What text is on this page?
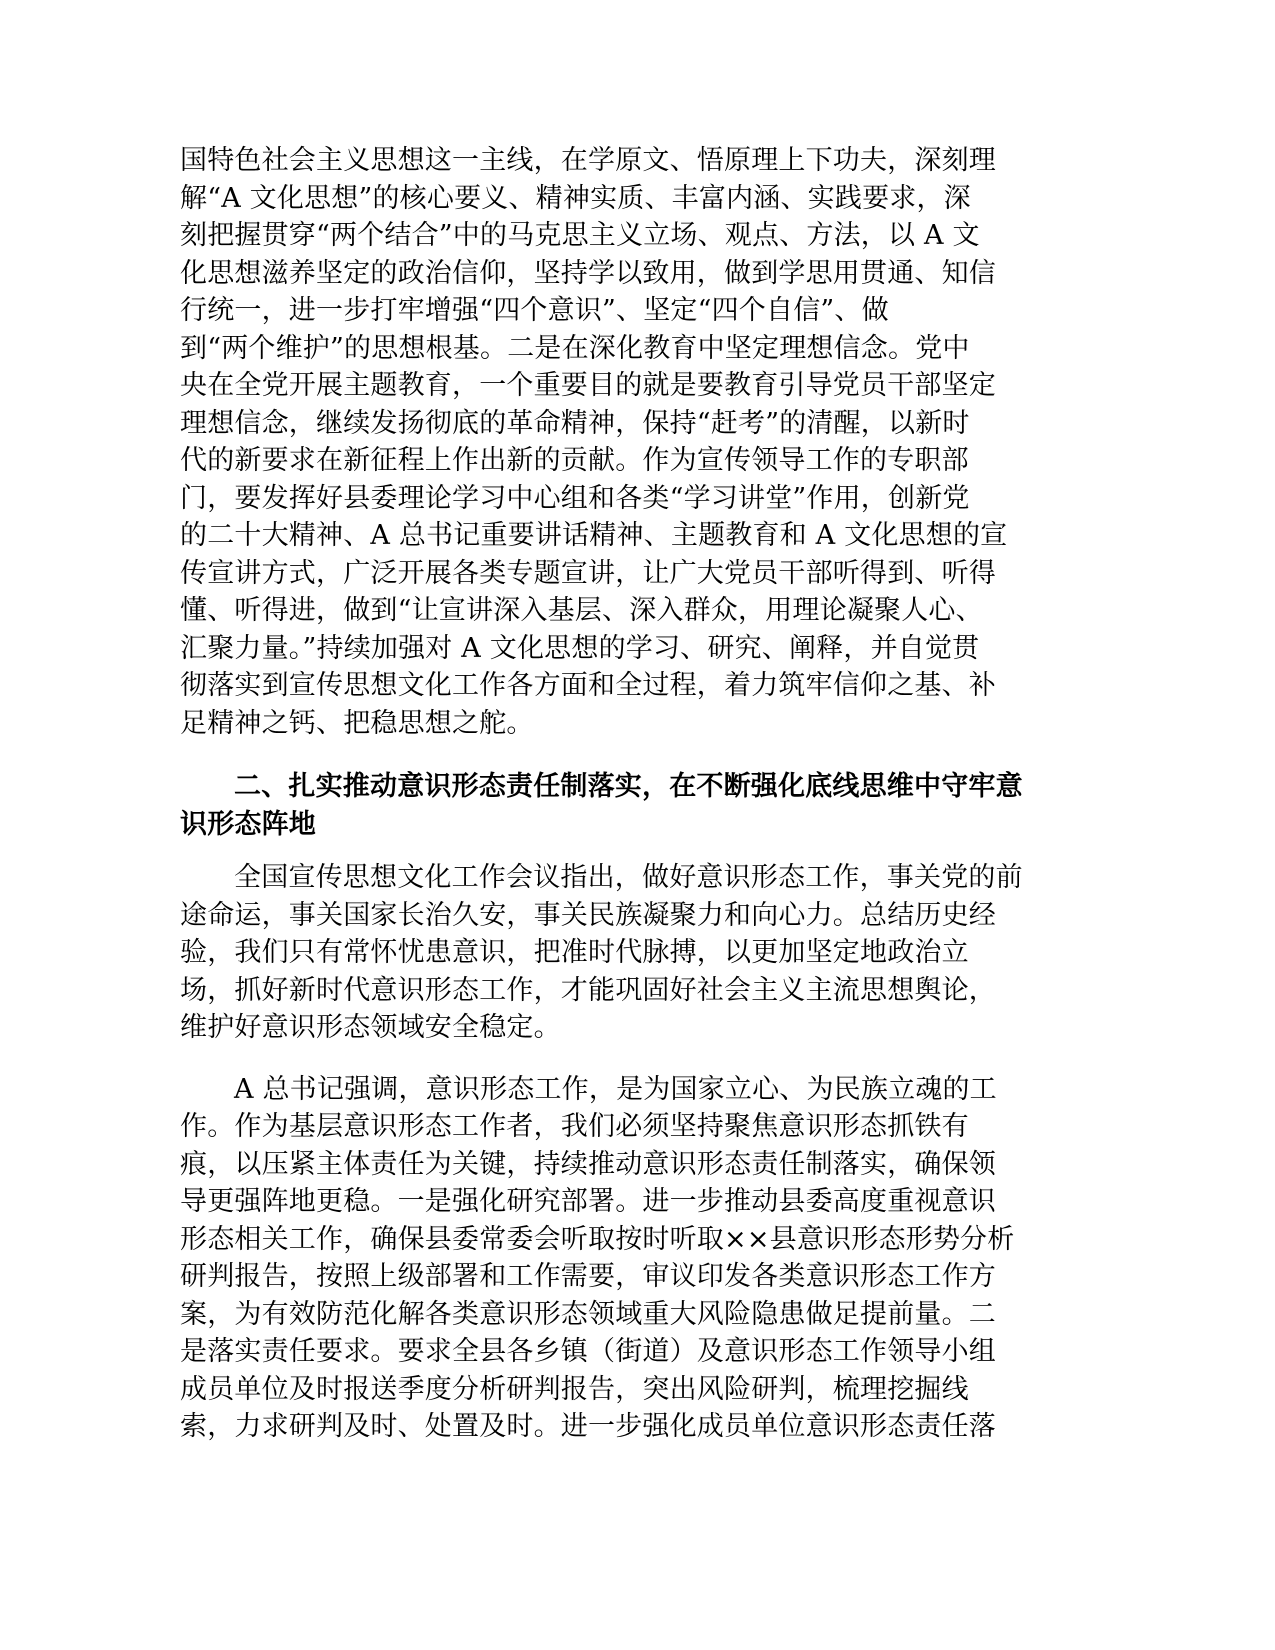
国特色社会主义思想这一主线，在学原文、悟原理上下功夫，深刻理
解“A 文化思想”的核心要义、精神实质、丰富内涵、实践要求，深
刻把握贯穿“两个结合”中的马克思主义立场、观点、方法，以 A 文
化思想滋养坚定的政治信仰，坚持学以致用，做到学思用贯通、知信
行统一，进一步打牢增强“四个意识”、坚定“四个自信”、做
到“两个维护”的思想根基。二是在深化教育中坚定理想信念。党中
央在全党开展主题教育，一个重要目的就是要教育引导党员干部坚定
理想信念，继续发扬彻底的革命精神，保持“赶考”的清醒，以新时
代的新要求在新征程上作出新的贡献。作为宣传领导工作的专职部
门，要发挥好县委理论学习中心组和各类“学习讲堂”作用，创新党
的二十大精神、A 总书记重要讲话精神、主题教育和 A 文化思想的宣
传宣讲方式，广泛开展各类专题宣讲，让广大党员干部听得到、听得
懂、听得进，做到“让宣讲深入基层、深入群众，用理论凝聚人心、
汇聚力量。”持续加强对 A 文化思想的学习、研究、阐释，并自觉贯
彻落实到宣传思想文化工作各方面和全过程，着力筑牢信仰之基、补
足精神之钙、把稳思想之舵。
二、扎实推动意识形态责任制落实，在不断强化底线思维中守牢意
识形态阵地
全国宣传思想文化工作会议指出，做好意识形态工作，事关党的前
途命运，事关国家长治久安，事关民族凝聚力和向心力。总结历史经
验，我们只有常怀忧患意识，把准时代脉搏，以更加坚定地政治立
场，抓好新时代意识形态工作，才能巩固好社会主义主流思想舆论，
维护好意识形态领域安全稳定。
A 总书记强调，意识形态工作，是为国家立心、为民族立魂的工
作。作为基层意识形态工作者，我们必须坚持聚焦意识形态抓铁有
痕，以压紧主体责任为关键，持续推动意识形态责任制落实，确保领
导更强阵地更稳。一是强化研究部署。进一步推动县委高度重视意识
形态相关工作，确保县委常委会听取按时听取××县意识形态形势分析
研判报告，按照上级部署和工作需要，审议印发各类意识形态工作方
案，为有效防范化解各类意识形态领域重大风险隐患做足提前量。二
是落实责任要求。要求全县各乡镇（街道）及意识形态工作领导小组
成员单位及时报送季度分析研判报告，突出风险研判，梳理挖掘线
索，力求研判及时、处置及时。进一步强化成员单位意识形态责任落
